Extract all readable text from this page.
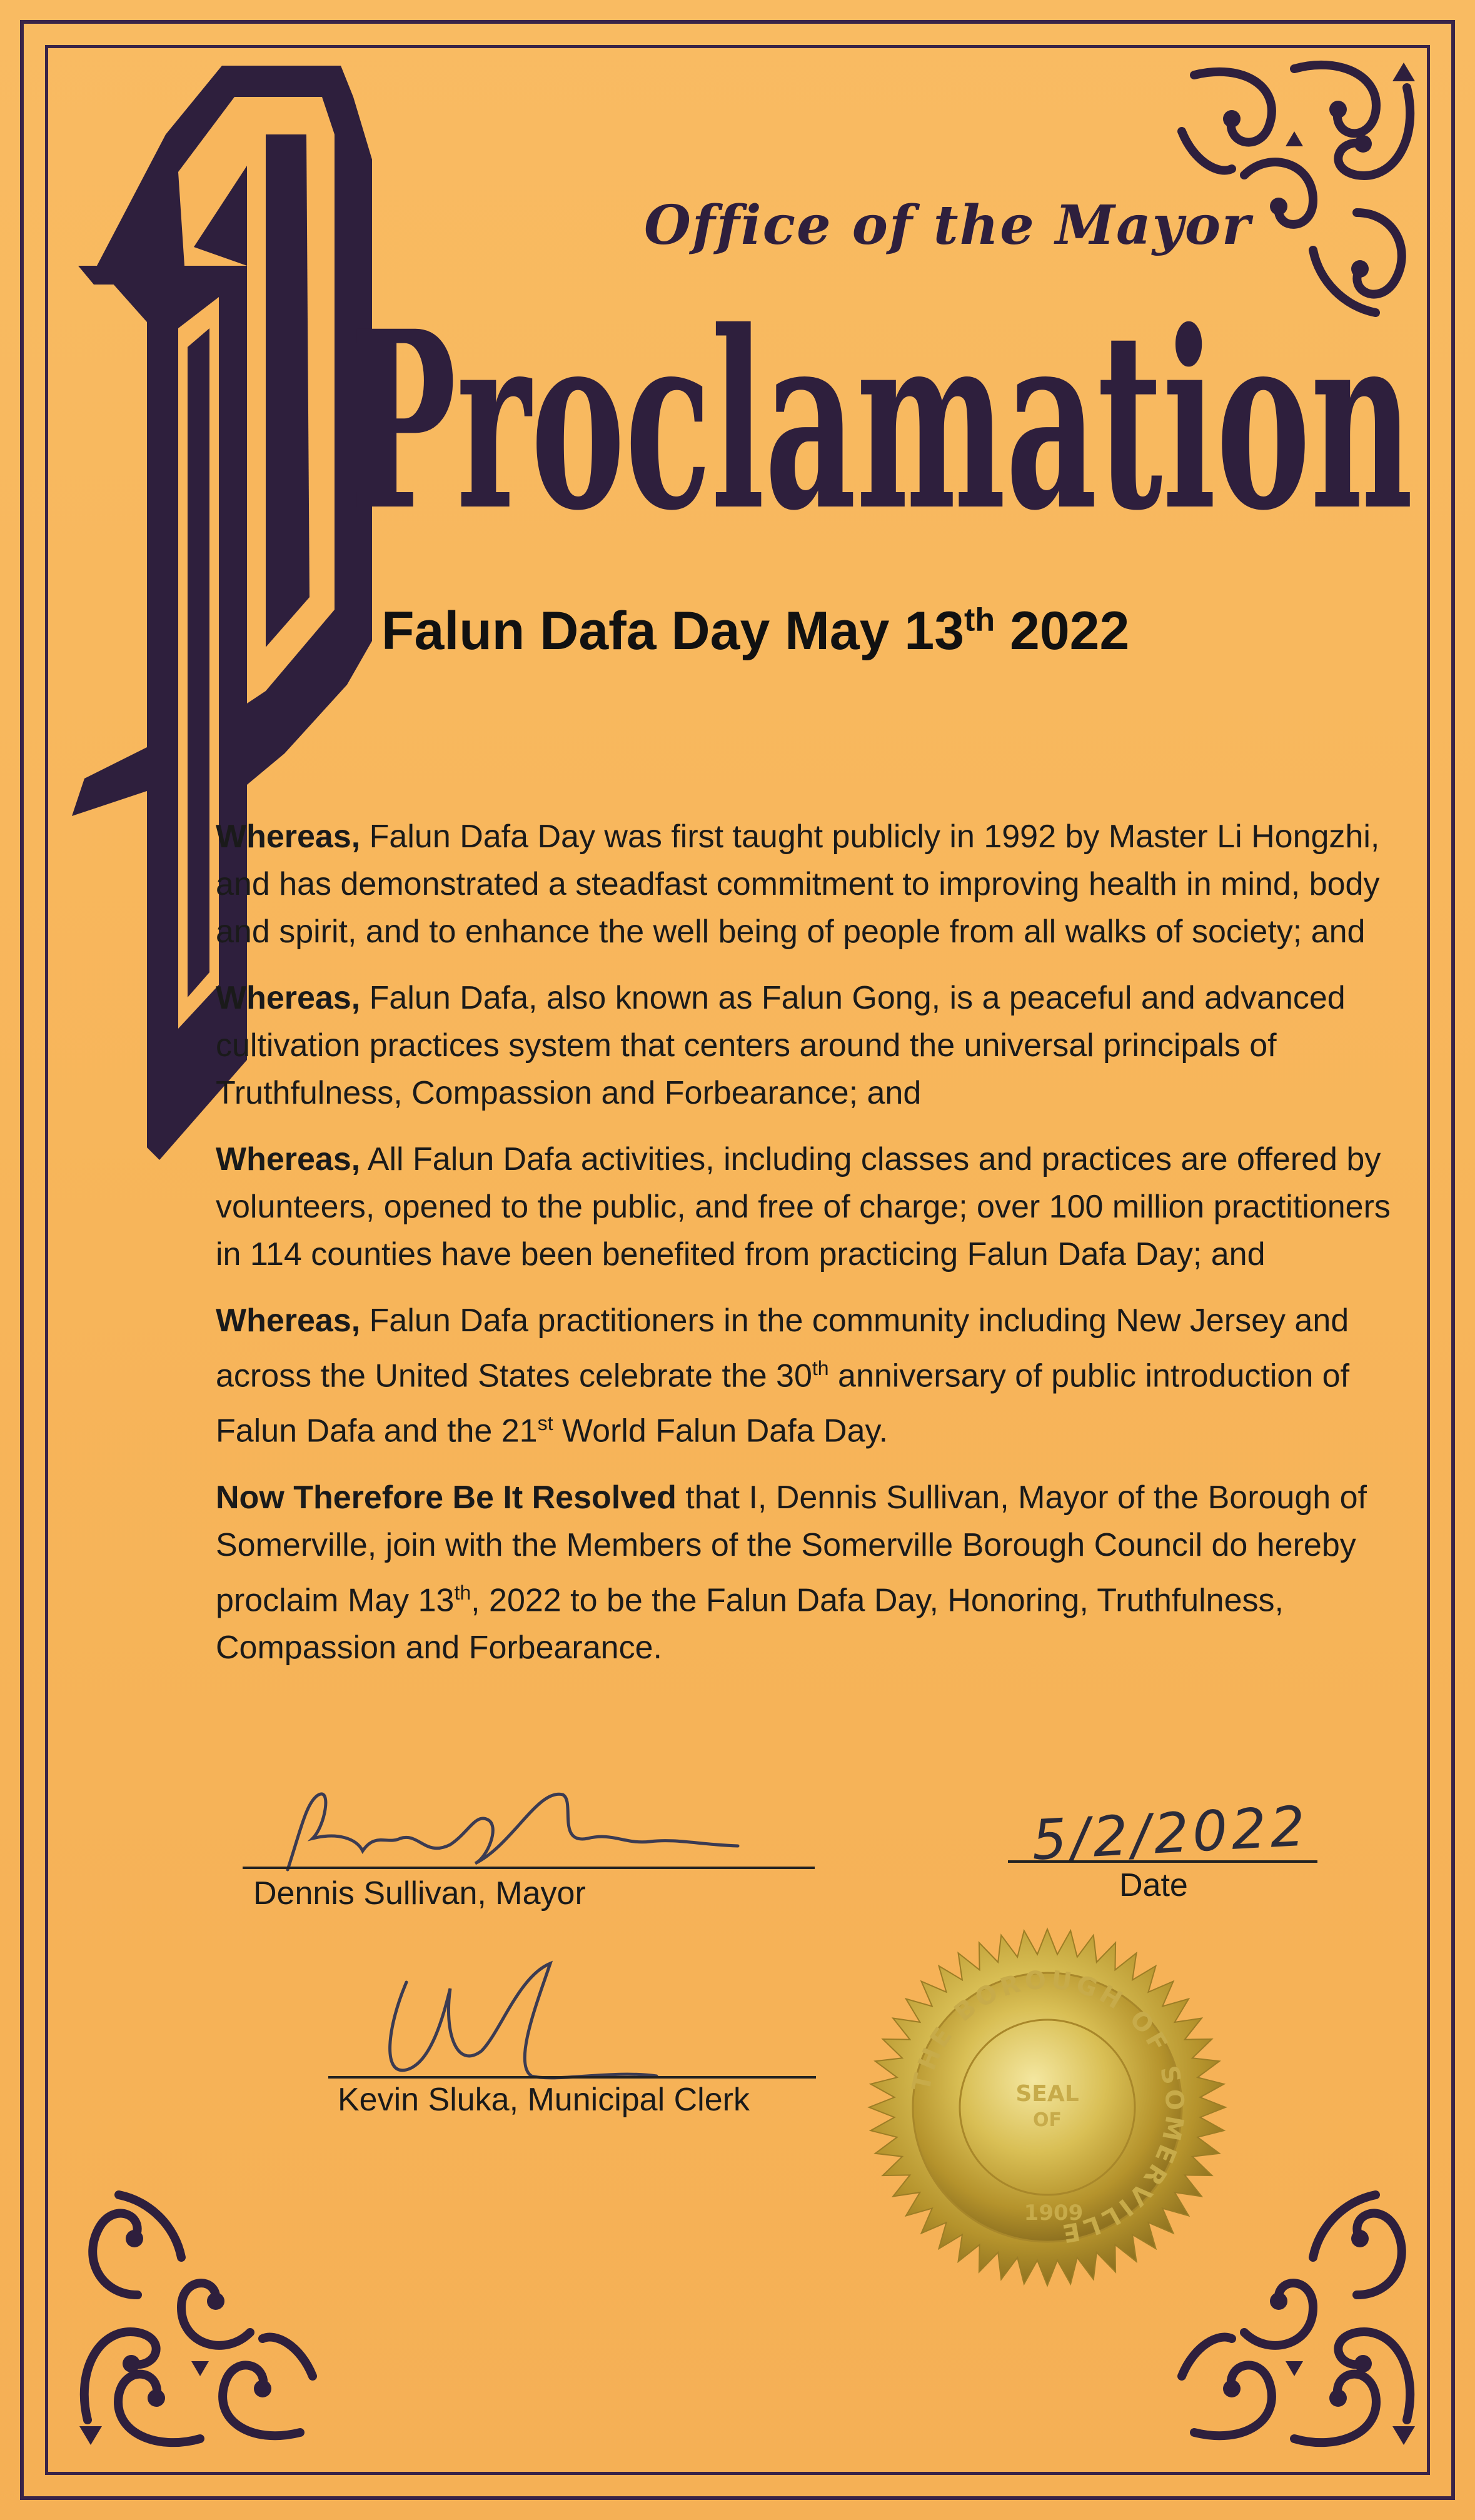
Office of the Mayor
Proclamation
Falun Dafa Day May 13th 2022

Whereas, Falun Dafa Day was first taught publicly in 1992 by Master Li Hongzhi, and has demonstrated a steadfast commitment to improving health in mind, body and spirit, and to enhance the well being of people from all walks of society; and

Whereas, Falun Dafa, also known as Falun Gong, is a peaceful and advanced cultivation practices system that centers around the universal principals of Truthfulness, Compassion and Forbearance; and

Whereas, All Falun Dafa activities, including classes and practices are offered by volunteers, opened to the public, and free of charge; over 100 million practitioners in 114 counties have been benefited from practicing Falun Dafa Day; and

Whereas, Falun Dafa practitioners in the community including New Jersey and across the United States celebrate the 30th anniversary of public introduction of Falun Dafa and the 21st World Falun Dafa Day.

Now Therefore Be It Resolved that I, Dennis Sullivan, Mayor of the Borough of Somerville, join with the Members of the Somerville Borough Council do hereby proclaim May 13th, 2022 to be the Falun Dafa Day, Honoring, Truthfulness, Compassion and Forbearance.

Dennis Sullivan, Mayor
5/2/2022
Date
Kevin Sluka, Municipal Clerk
THE BOROUGH OF SOMERVILLE
SEAL
OF
1909
